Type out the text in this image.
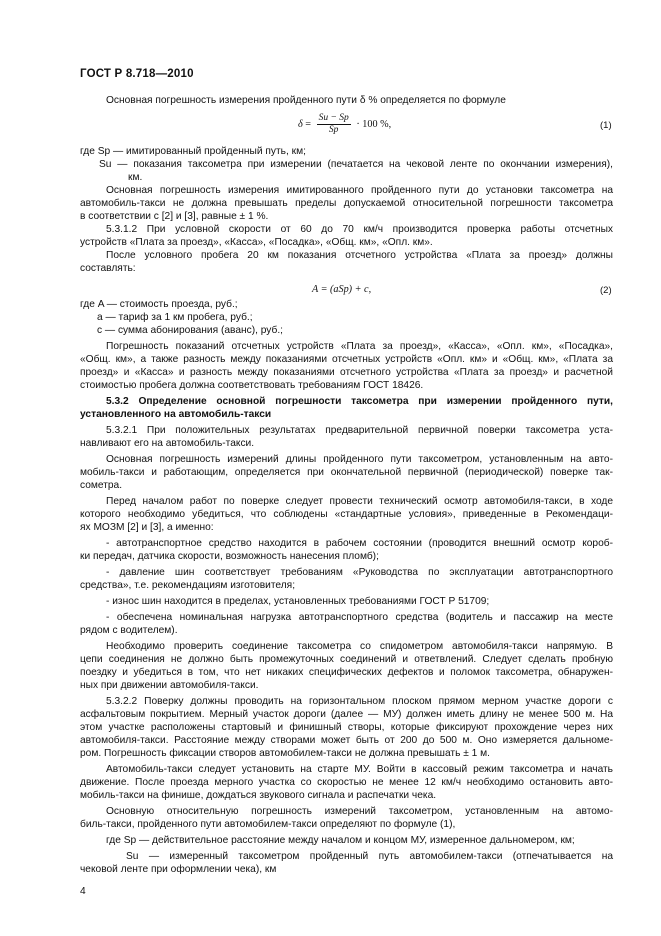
ГОСТ Р 8.718—2010
Основная погрешность измерения пройденного пути δ % определяется по формуле
$\delta = \frac{Su - Sp}{Sp} \cdot 100$ %,	(1)
где Sp — имитированный пройденный путь, км;
Su — показания таксометра при измерении (печатается на чековой ленте по окончании измерения),
км.
Основная погрешность измерения имитированного пройденного пути до установки таксометра на
автомобиль-такси не должна превышать пределы допускаемой относительной погрешности таксометра
в соответствии с [2] и [3], равные ± 1 %.
5.3.1.2 При условной скорости от 60 до 70 км/ч производится проверка работы отсчетных
устройств «Плата за проезд», «Касса», «Посадка», «Общ. км», «Опл. км».
После условного пробега 20 км показания отсчетного устройства «Плата за проезд» должны
составлять:
A = (aSp) + c,	(2)
где A — стоимость проезда, руб.;
a — тариф за 1 км пробега, руб.;
c — сумма абонирования (аванс), руб.;
Погрешность показаний отсчетных устройств «Плата за проезд», «Касса», «Опл. км», «Посадка»,
«Общ. км», а также разность между показаниями отсчетных устройств «Опл. км» и «Общ. км», «Плата за
проезд» и «Касса» и разность между показаниями отсчетного устройства «Плата за проезд» и расчетной
стоимостью пробега должна соответствовать требованиям ГОСТ 18426.
5.3.2 Определение основной погрешности таксометра при измерении пройденного пути,
установленного на автомобиль-такси
5.3.2.1 При положительных результатах предварительной первичной поверки таксометра уста-
навливают его на автомобиль-такси.
Основная погрешность измерений длины пройденного пути таксометром, установленным на авто-
мобиль-такси и работающим, определяется при окончательной первичной (периодической) поверке так-
сометра.
Перед началом работ по поверке следует провести технический осмотр автомобиля-такси, в ходе
которого необходимо убедиться, что соблюдены «стандартные условия», приведенные в Рекомендаци-
ях МОЗМ [2] и [3], а именно:
- автотранспортное средство находится в рабочем состоянии (проводится внешний осмотр короб-
ки передач, датчика скорости, возможность нанесения пломб);
- давление шин соответствует требованиям «Руководства по эксплуатации автотранспортного
средства», т.е. рекомендациям изготовителя;
- износ шин находится в пределах, установленных требованиями ГОСТ Р 51709;
- обеспечена номинальная нагрузка автотранспортного средства (водитель и пассажир на месте
рядом с водителем).
Необходимо проверить соединение таксометра со спидометром автомобиля-такси напрямую. В
цепи соединения не должно быть промежуточных соединений и ответвлений. Следует сделать пробную
поездку и убедиться в том, что нет никаких специфических дефектов и поломок таксометра, обнаружен-
ных при движении автомобиля-такси.
5.3.2.2 Поверку должны проводить на горизонтальном плоском прямом мерном участке дороги с
асфальтовым покрытием. Мерный участок дороги (далее — МУ) должен иметь длину не менее 500 м. На
этом участке расположены стартовый и финишный створы, которые фиксируют прохождение через них
автомобиля-такси. Расстояние между створами может быть от 200 до 500 м. Оно измеряется дальноме-
ром. Погрешность фиксации створов автомобилем-такси не должна превышать ± 1 м.
Автомобиль-такси следует установить на старте МУ. Войти в кассовый режим таксометра и начать
движение. После проезда мерного участка со скоростью не менее 12 км/ч необходимо остановить авто-
мобиль-такси на финише, дождаться звукового сигнала и распечатки чека.
Основную относительную погрешность измерений таксометром, установленным на автомо-
биль-такси, пройденного пути автомобилем-такси определяют по формуле (1),
где Sp — действительное расстояние между началом и концом МУ, измеренное дальномером, км;
Su — измеренный таксометром пройденный путь автомобилем-такси (отпечатывается на
чековой ленте при оформлении чека), км
4
